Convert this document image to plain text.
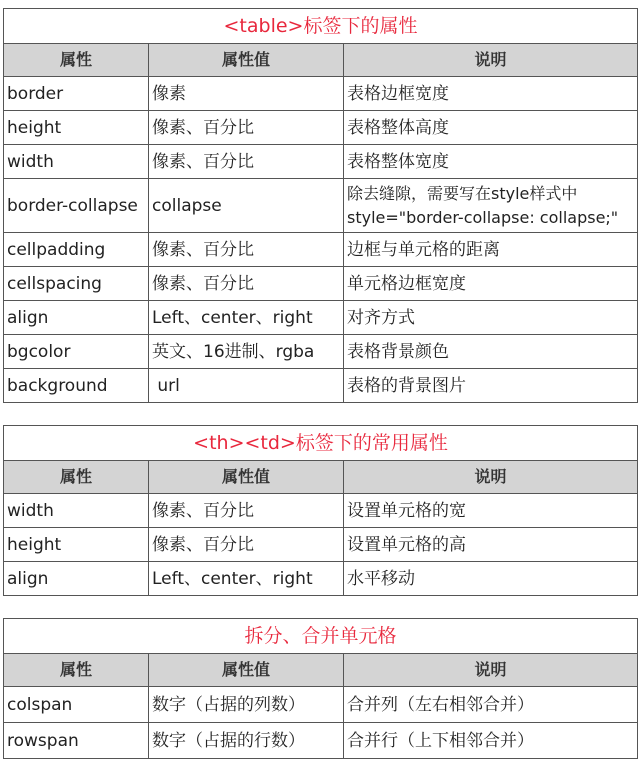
<table>标签下的属性		
属性	属性值	说明
border	像素	表格边框宽度
height	像素、百分比	表格整体高度
width	像素、百分比	表格整体宽度
border-collapse	collapse	除去缝隙，需要写在style样式中 style="border-collapse: collapse;"
cellpadding	像素、百分比	边框与单元格的距离
cellspacing	像素、百分比	单元格边框宽度
align	Left、center、right	对齐方式
bgcolor	英文、16进制、rgba	表格背景颜色
background	url	表格的背景图片
<th><td>标签下的常用属性		
属性	属性值	说明
width	像素、百分比	设置单元格的宽
height	像素、百分比	设置单元格的高
align	Left、center、right	水平移动
拆分、合并单元格		
属性	属性值	说明
colspan	数字（占据的列数）	合并列（左右相邻合并）
rowspan	数字（占据的行数）	合并行（上下相邻合并）
